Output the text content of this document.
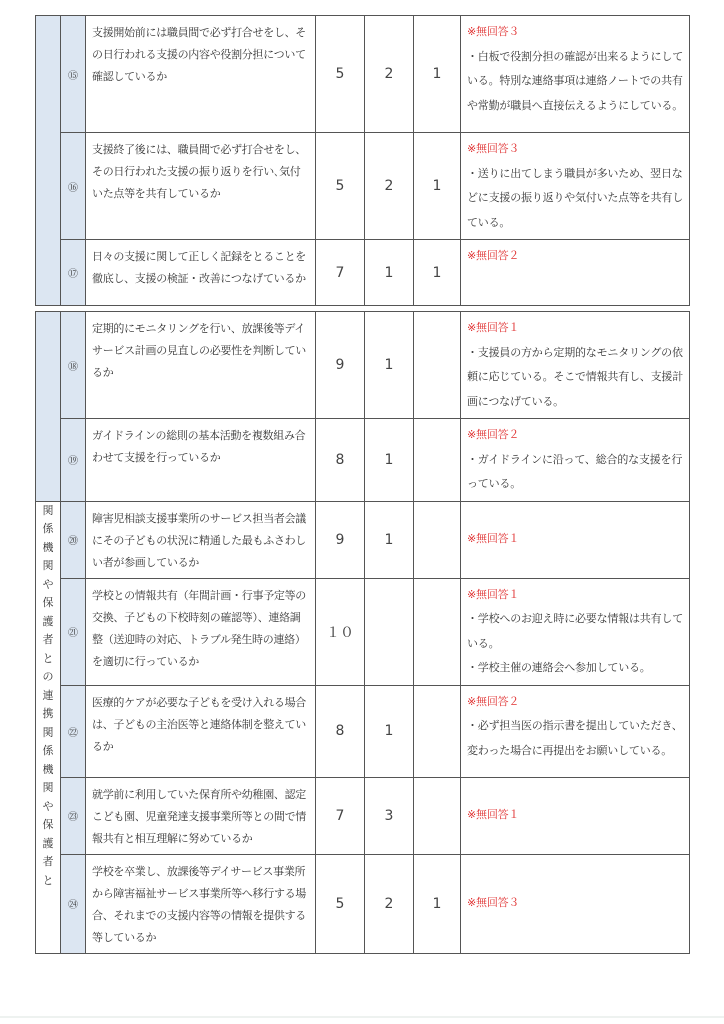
	⑮	支援開始前には職員間で必ず打合せをし、その日行われる支援の内容や役割分担について確認しているか	5	2	1	※無回答３
・白板で役割分担の確認が出来るようにしている。特別な連絡事項は連絡ノートでの共有や常勤が職員へ直接伝えるようにしている。

	⑯	支援終了後には、職員間で必ず打合せをし、その日行われた支援の振り返りを行い､気付いた点等を共有しているか	5	2	1	※無回答３
・送りに出てしまう職員が多いため、翌日などに支援の振り返りや気付いた点等を共有している。

	⑰	日々の支援に関して正しく記録をとることを徹底し、支援の検証・改善につなげているか	7	1	1	※無回答２
	⑱	定期的にモニタリングを行い、放課後等デイサービス計画の見直しの必要性を判断しているか	9	1		※無回答１
・支援員の方から定期的なモニタリングの依頼に応じている。そこで情報共有し、支援計画につなげている。

	⑲	ガイドラインの総則の基本活動を複数組み合わせて支援を行っているか	8	1		※無回答２
・ガイドラインに沿って、総合的な支援を行っている。

関係機関や保護者との連携関係機関や保護者と	⑳	障害児相談支援事業所のサービス担当者会議にその子どもの状況に精通した最もふさわしい者が参画しているか	9	1		※無回答１

	㉑	学校との情報共有（年間計画・行事予定等の交換、子どもの下校時刻の確認等）、連絡調整（送迎時の対応、トラブル発生時の連絡）を適切に行っているか	１０			※無回答１
・学校へのお迎え時に必要な情報は共有している。
・学校主催の連絡会へ参加している。

	㉒	医療的ケアが必要な子どもを受け入れる場合は、子どもの主治医等と連絡体制を整えているか	8	1		※無回答２
・必ず担当医の指示書を提出していただき、変わった場合に再提出をお願いしている。

	㉓	就学前に利用していた保育所や幼稚園、認定こども園、児童発達支援事業所等との間で情報共有と相互理解に努めているか	7	3		※無回答１

	㉔	学校を卒業し、放課後等デイサービス事業所から障害福祉サービス事業所等へ移行する場合、それまでの支援内容等の情報を提供する等しているか	5	2	1	※無回答３
